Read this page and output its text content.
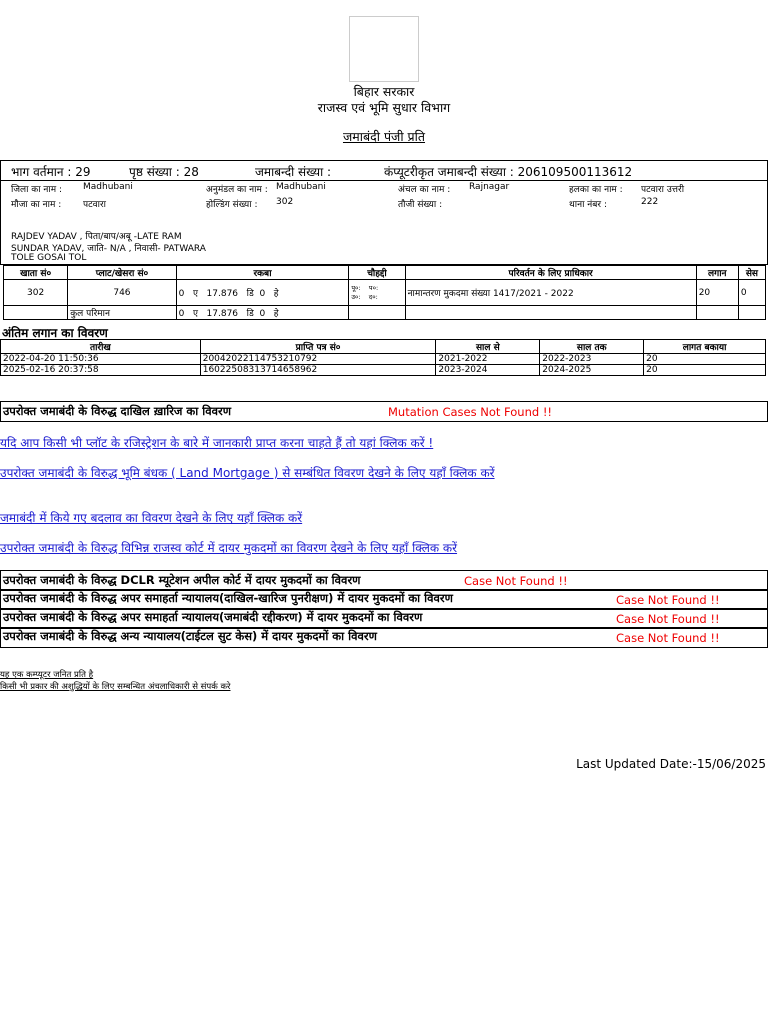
बिहार सरकार
राजस्व एवं भूमि सुधार विभाग
जमाबंदी पंजी प्रति
भाग वर्तमान : 29	पृष्ठ संख्या : 28	जमाबन्दी संख्या :	कंप्यूटरीकृत जमाबन्दी संख्या : 206109500113612
जिला का नाम : Madhubani	अनुमंडल का नाम : Madhubani	अंचल का नाम : Rajnagar	हलका का नाम : पटवारा उत्तरी
मौजा का नाम : पटवारा	होल्डिंग संख्या : 302	तौजी संख्या :	थाना नंबर :	222
RAJDEV YADAV , पिता/बाप/अबू -LATE RAM
SUNDAR YADAV, जाति- N/A , निवासी- PATWARA
TOLE GOSAI TOL
खाता सं०	प्लाट/खेसरा सं०	रकबा	चौहद्दी	परिवर्तन के लिए प्राधिकार	लगान	सेस
302	746	0   ए   17.876   डि  0   हे	पू०: प०:
उ०: द०:	नामान्तरण मुकदमा संख्या 1417/2021 - 2022	20	0
	कुल परिमान	0   ए   17.876   डि  0   हे				
अंतिम लगान का विवरण
तारीख	प्राप्ति पत्र सं०	साल से	साल तक	लागत बकाया
2022-04-20 11:50:36	20042022114753210792	2021-2022	2022-2023	20
2025-02-16 20:37:58	16022508313714658962	2023-2024	2024-2025	20
उपरोक्त जमाबंदी के विरुद्ध दाखिल ख़ारिज का विवरण	Mutation Cases Not Found !!
यदि आप किसी भी प्लॉट के रजिस्ट्रेशन के बारे में जानकारी प्राप्त करना चाहते हैं तो यहां क्लिक करें !
उपरोक्त जमाबंदी के विरुद्ध भूमि बंधक ( Land Mortgage ) से सम्बंधित विवरण देखने के लिए यहाँ क्लिक करें
जमाबंदी में किये गए बदलाव का विवरण देखने के लिए यहाँ क्लिक करें
उपरोक्त जमाबंदी के विरुद्ध विभिन्न राजस्व कोर्ट में दायर मुकदमों का विवरण देखने के लिए यहाँ क्लिक करें
उपरोक्त जमाबंदी के विरुद्ध DCLR म्यूटेशन अपील कोर्ट में दायर मुकदमों का विवरण	Case Not Found !!
उपरोक्त जमाबंदी के विरुद्ध अपर समाहर्ता न्यायालय(दाखिल-खारिज पुनरीक्षण) में दायर मुकदमों का विवरण	Case Not Found !!
उपरोक्त जमाबंदी के विरुद्ध अपर समाहर्ता न्यायालय(जमाबंदी रद्दीकरण) में दायर मुकदमों का विवरण	Case Not Found !!
उपरोक्त जमाबंदी के विरुद्ध अन्य न्यायालय(टाईटल सुट केस) में दायर मुकदमों का विवरण	Case Not Found !!
यह एक कम्प्यूटर जनित प्रति है
किसी भी प्रकार की अशुद्धियों के लिए सम्बन्धित अंचलाधिकारी से संपर्क करे
Last Updated Date:-15/06/2025
